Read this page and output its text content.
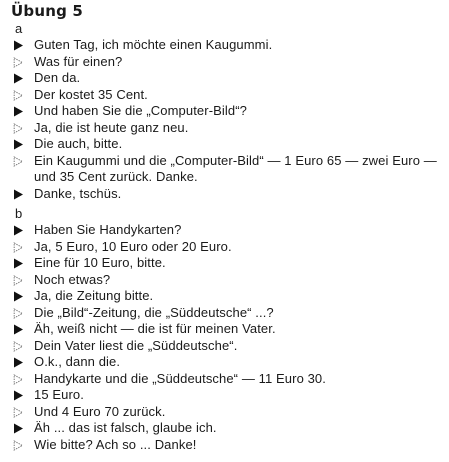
Übung 5
a
Guten Tag, ich möchte einen Kaugummi.
Was für einen?
Den da.
Der kostet 35 Cent.
Und haben Sie die „Computer-Bild“?
Ja, die ist heute ganz neu.
Die auch, bitte.
Ein Kaugummi und die „Computer-Bild“ — 1 Euro 65 — zwei Euro — und 35 Cent zurück. Danke.
Danke, tschüs.
b
Haben Sie Handykarten?
Ja, 5 Euro, 10 Euro oder 20 Euro.
Eine für 10 Euro, bitte.
Noch etwas?
Ja, die Zeitung bitte.
Die „Bild“-Zeitung, die „Süddeutsche“ ...?
Äh, weiß nicht — die ist für meinen Vater.
Dein Vater liest die „Süddeutsche“.
O.k., dann die.
Handykarte und die „Süddeutsche“ — 11 Euro 30.
15 Euro.
Und 4 Euro 70 zurück.
Äh ... das ist falsch, glaube ich.
Wie bitte? Ach so ... Danke!
